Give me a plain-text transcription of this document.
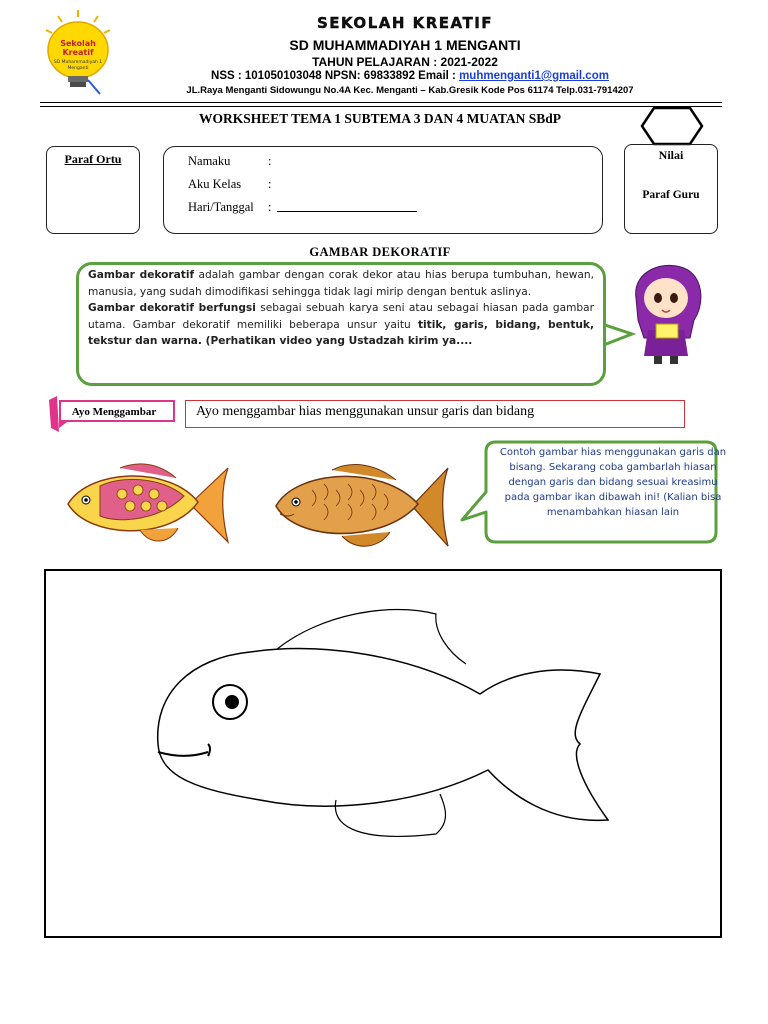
Sekolah
Kreatif
SD Muhammadiyah 1
Menganti
SEKOLAH KREATIF
SD MUHAMMADIYAH 1 MENGANTI
TAHUN PELAJARAN : 2021-2022
NSS : 101050103048 NPSN: 69833892 Email : muhmenganti1@gmail.com
JL.Raya Menganti Sidowungu No.4A Kec. Menganti – Kab.Gresik Kode Pos 61174 Telp.031-7914207
WORKSHEET TEMA 1 SUBTEMA 3 DAN 4 MUATAN SBdP
Paraf Ortu	Namaku	:
Aku Kelas :
Hari/Tanggal :
Nilai
Paraf Guru
GAMBAR DEKORATIF
Gambar dekoratif adalah gambar dengan corak dekor atau hias berupa tumbuhan, hewan, manusia, yang sudah dimodifikasi sehingga tidak lagi mirip dengan bentuk aslinya.
Gambar dekoratif berfungsi sebagai sebuah karya seni atau sebagai hiasan pada gambar utama. Gambar dekoratif memiliki beberapa unsur yaitu titik, garis, bidang, bentuk, tekstur dan warna. (Perhatikan video yang Ustadzah kirim ya....
Ayo Menggambar	Ayo menggambar hias menggunakan unsur garis dan bidang
Contoh gambar hias menggunakan garis dan bisang. Sekarang coba gambarlah hiasan dengan garis dan bidang sesuai kreasimu pada gambar ikan dibawah ini! (Kalian bisa menambahkan hiasan lain
